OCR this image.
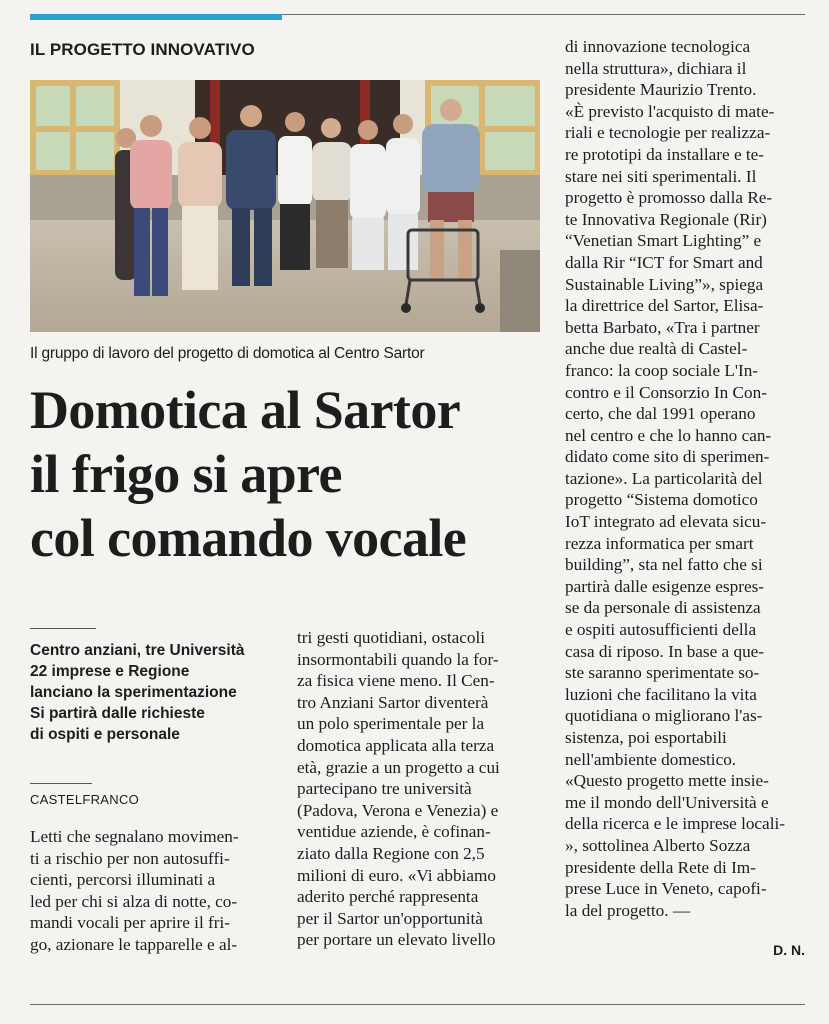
IL PROGETTO INNOVATIVO
Il gruppo di lavoro del progetto di domotica al Centro Sartor
Domotica al Sartor
il frigo si apre
col comando vocale
Centro anziani, tre Università
22 imprese e Regione
lanciano la sperimentazione
Si partirà dalle richieste
di ospiti e personale
CASTELFRANCO
Letti che segnalano movimen-
ti a rischio per non autosuffi-
cienti, percorsi illuminati a
led per chi si alza di notte, co-
mandi vocali per aprire il fri-
go, azionare le tapparelle e al-
tri gesti quotidiani, ostacoli
insormontabili quando la for-
za fisica viene meno. Il Cen-
tro Anziani Sartor diventerà
un polo sperimentale per la
domotica applicata alla terza
età, grazie a un progetto a cui
partecipano tre università
(Padova, Verona e Venezia) e
ventidue aziende, è cofinan-
ziato dalla Regione con 2,5
milioni di euro. «Vi abbiamo
aderito perché rappresenta
per il Sartor un'opportunità
per portare un elevato livello
di innovazione tecnologica
nella struttura», dichiara il
presidente Maurizio Trento.
«È previsto l'acquisto di mate-
riali e tecnologie per realizza-
re prototipi da installare e te-
stare nei siti sperimentali. Il
progetto è promosso dalla Re-
te Innovativa Regionale (Rir)
“Venetian Smart Lighting” e
dalla Rir “ICT for Smart and
Sustainable Living”», spiega
la direttrice del Sartor, Elisa-
betta Barbato, «Tra i partner
anche due realtà di Castel-
franco: la coop sociale L'In-
contro e il Consorzio In Con-
certo, che dal 1991 operano
nel centro e che lo hanno can-
didato come sito di sperimen-
tazione». La particolarità del
progetto “Sistema domotico
IoT integrato ad elevata sicu-
rezza informatica per smart
building”, sta nel fatto che si
partirà dalle esigenze espres-
se da personale di assistenza
e ospiti autosufficienti della
casa di riposo. In base a que-
ste saranno sperimentate so-
luzioni che facilitano la vita
quotidiana o migliorano l'as-
sistenza, poi esportabili
nell'ambiente domestico.
«Questo progetto mette insie-
me il mondo dell'Università e
della ricerca e le imprese locali-
», sottolinea Alberto Sozza
presidente della Rete di Im-
prese Luce in Veneto, capofi-
la del progetto. —
D. N.
